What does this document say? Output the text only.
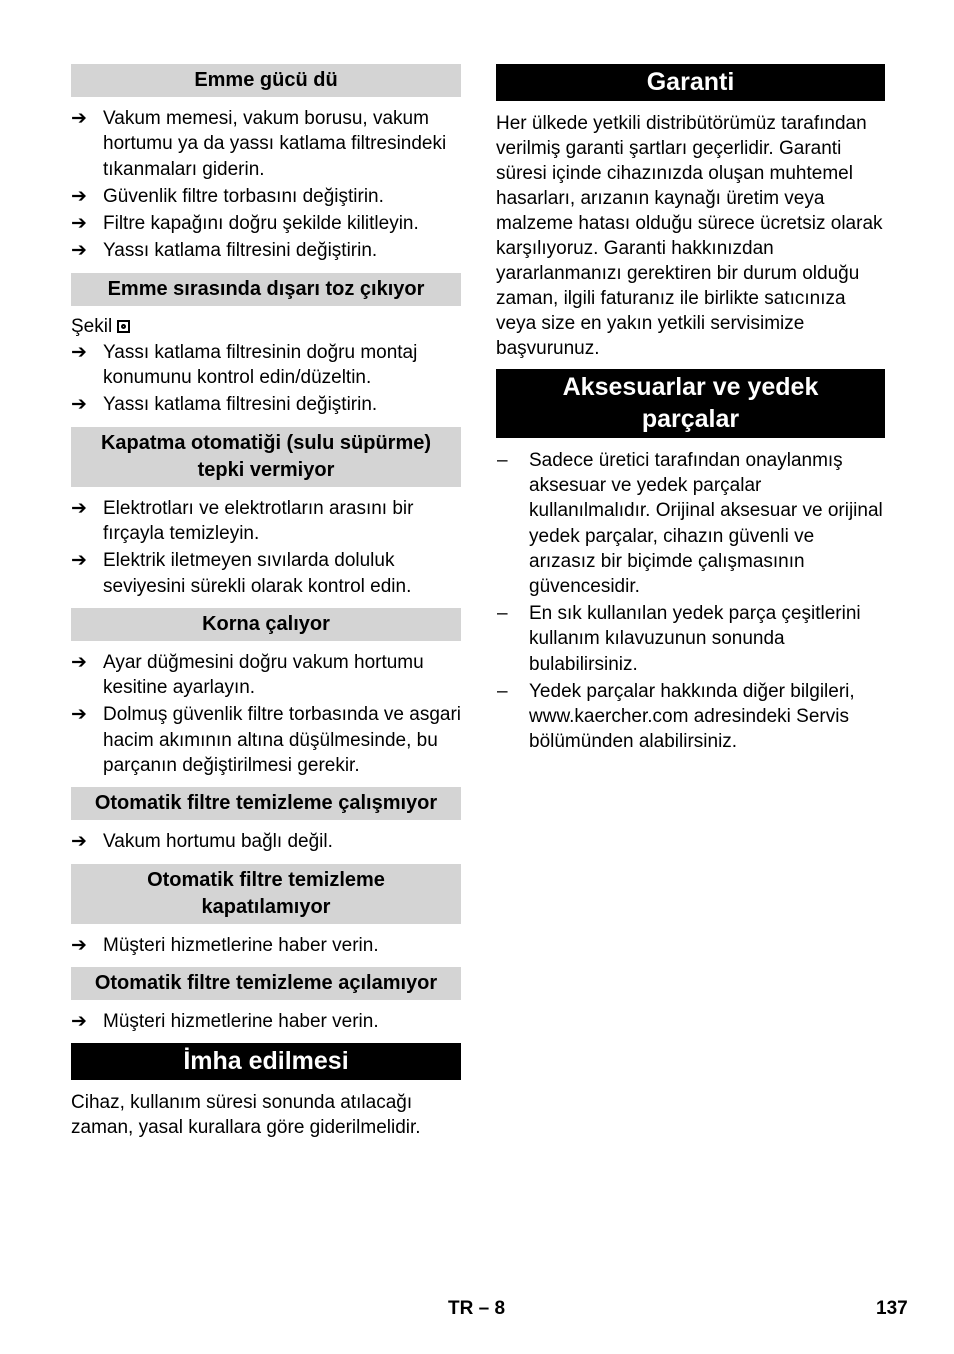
Emme gücü dü
➔ Vakum memesi, vakum borusu, vakum hortumu ya da yassı katlama filtresindeki tıkanmaları giderin.
➔ Güvenlik filtre torbasını değiştirin.
➔ Filtre kapağını doğru şekilde kilitleyin.
➔ Yassı katlama filtresini değiştirin.
Emme sırasında dışarı toz çıkıyor
Şekil
➔ Yassı katlama filtresinin doğru montaj konumunu kontrol edin/düzeltin.
➔ Yassı katlama filtresini değiştirin.
Kapatma otomatiği (sulu süpürme)
tepki vermiyor
➔ Elektrotları ve elektrotların arasını bir fırçayla temizleyin.
➔ Elektrik iletmeyen sıvılarda doluluk seviyesini sürekli olarak kontrol edin.
Korna çalıyor
➔ Ayar düğmesini doğru vakum hortumu kesitine ayarlayın.
➔ Dolmuş güvenlik filtre torbasında ve asgari hacim akımının altına düşülmesinde, bu parçanın değiştirilmesi gerekir.
Otomatik filtre temizleme çalışmıyor
➔ Vakum hortumu bağlı değil.
Otomatik filtre temizleme
kapatılamıyor
➔ Müşteri hizmetlerine haber verin.
Otomatik filtre temizleme açılamıyor
➔ Müşteri hizmetlerine haber verin.
İmha edilmesi

Cihaz, kullanım süresi sonunda atılacağı zaman, yasal kurallara göre giderilmelidir.

Garanti

Her ülkede yetkili distribütörümüz tarafından verilmiş garanti şartları geçerlidir. Garanti süresi içinde cihazınızda oluşan muhtemel hasarları, arızanın kaynağı üretim veya malzeme hatası olduğu sürece ücretsiz olarak karşılıyoruz. Garanti hakkınızdan yararlanmanızı gerektiren bir durum olduğu zaman, ilgili faturanız ile birlikte satıcınıza veya size en yakın yetkili servisimize başvurunuz.

Aksesuarlar ve yedek
parçalar
– Sadece üretici tarafından onaylanmış aksesuar ve yedek parçalar kullanılmalıdır. Orijinal aksesuar ve orijinal yedek parçalar, cihazın güvenli ve arızasız bir biçimde çalışmasının güvencesidir.
– En sık kullanılan yedek parça çeşitlerini kullanım kılavuzunun sonunda bulabilirsiniz.
– Yedek parçalar hakkında diğer bilgileri, www.kaercher.com adresindeki Servis bölümünden alabilirsiniz.
TR – 8	137
